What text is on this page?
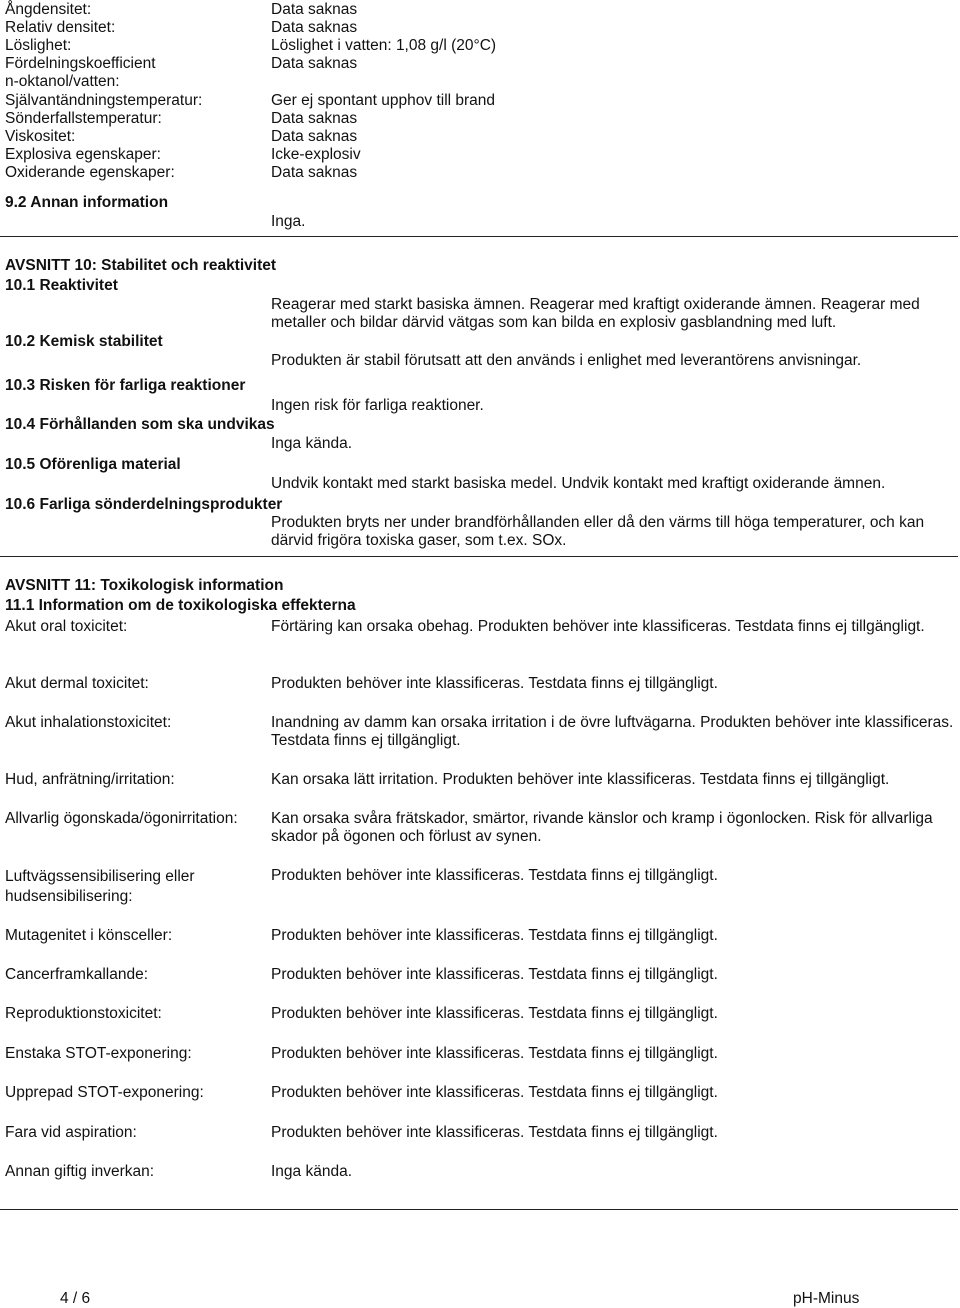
Ångdensitet:	Data saknas
Relativ densitet:	Data saknas
Löslighet:	Löslighet i vatten: 1,08 g/l (20°C)
Fördelningskoefficient	Data saknas
n-oktanol/vatten:
Självantändningstemperatur:	Ger ej spontant upphov till brand
Sönderfallstemperatur:	Data saknas
Viskositet:	Data saknas
Explosiva egenskaper:	Icke-explosiv
Oxiderande egenskaper:	Data saknas
9.2 Annan information
Inga.
AVSNITT 10: Stabilitet och reaktivitet
10.1 Reaktivitet
Reagerar med starkt basiska ämnen. Reagerar med kraftigt oxiderande ämnen. Reagerar med metaller och bildar därvid vätgas som kan bilda en explosiv gasblandning med luft.
10.2 Kemisk stabilitet
Produkten är stabil förutsatt att den används i enlighet med leverantörens anvisningar.
10.3 Risken för farliga reaktioner
Ingen risk för farliga reaktioner.
10.4 Förhållanden som ska undvikas
Inga kända.
10.5 Oförenliga material
Undvik kontakt med starkt basiska medel. Undvik kontakt med kraftigt oxiderande ämnen.
10.6 Farliga sönderdelningsprodukter
Produkten bryts ner under brandförhållanden eller då den värms till höga temperaturer, och kan därvid frigöra toxiska gaser, som t.ex. SOx.
AVSNITT 11: Toxikologisk information
11.1 Information om de toxikologiska effekterna
Akut oral toxicitet:	Förtäring kan orsaka obehag. Produkten behöver inte klassificeras. Testdata finns ej tillgängligt.
Akut dermal toxicitet:	Produkten behöver inte klassificeras. Testdata finns ej tillgängligt.
Akut inhalationstoxicitet:	Inandning av damm kan orsaka irritation i de övre luftvägarna. Produkten behöver inte klassificeras. Testdata finns ej tillgängligt.
Hud, anfrätning/irritation:	Kan orsaka lätt irritation. Produkten behöver inte klassificeras. Testdata finns ej tillgängligt.
Allvarlig ögonskada/ögonirritation: Kan orsaka svåra frätskador, smärtor, rivande känslor och kramp i ögonlocken. Risk för allvarliga skador på ögonen och förlust av synen.
Luftvägssensibilisering eller hudsensibilisering:
Produkten behöver inte klassificeras. Testdata finns ej tillgängligt.
Mutagenitet i könsceller:	Produkten behöver inte klassificeras. Testdata finns ej tillgängligt.
Cancerframkallande:	Produkten behöver inte klassificeras. Testdata finns ej tillgängligt.
Reproduktionstoxicitet:	Produkten behöver inte klassificeras. Testdata finns ej tillgängligt.
Enstaka STOT-exponering:	Produkten behöver inte klassificeras. Testdata finns ej tillgängligt.
Upprepad STOT-exponering:	Produkten behöver inte klassificeras. Testdata finns ej tillgängligt.
Fara vid aspiration:	Produkten behöver inte klassificeras. Testdata finns ej tillgängligt.
Annan giftig inverkan:	Inga kända.
4 / 6	pH-Minus
